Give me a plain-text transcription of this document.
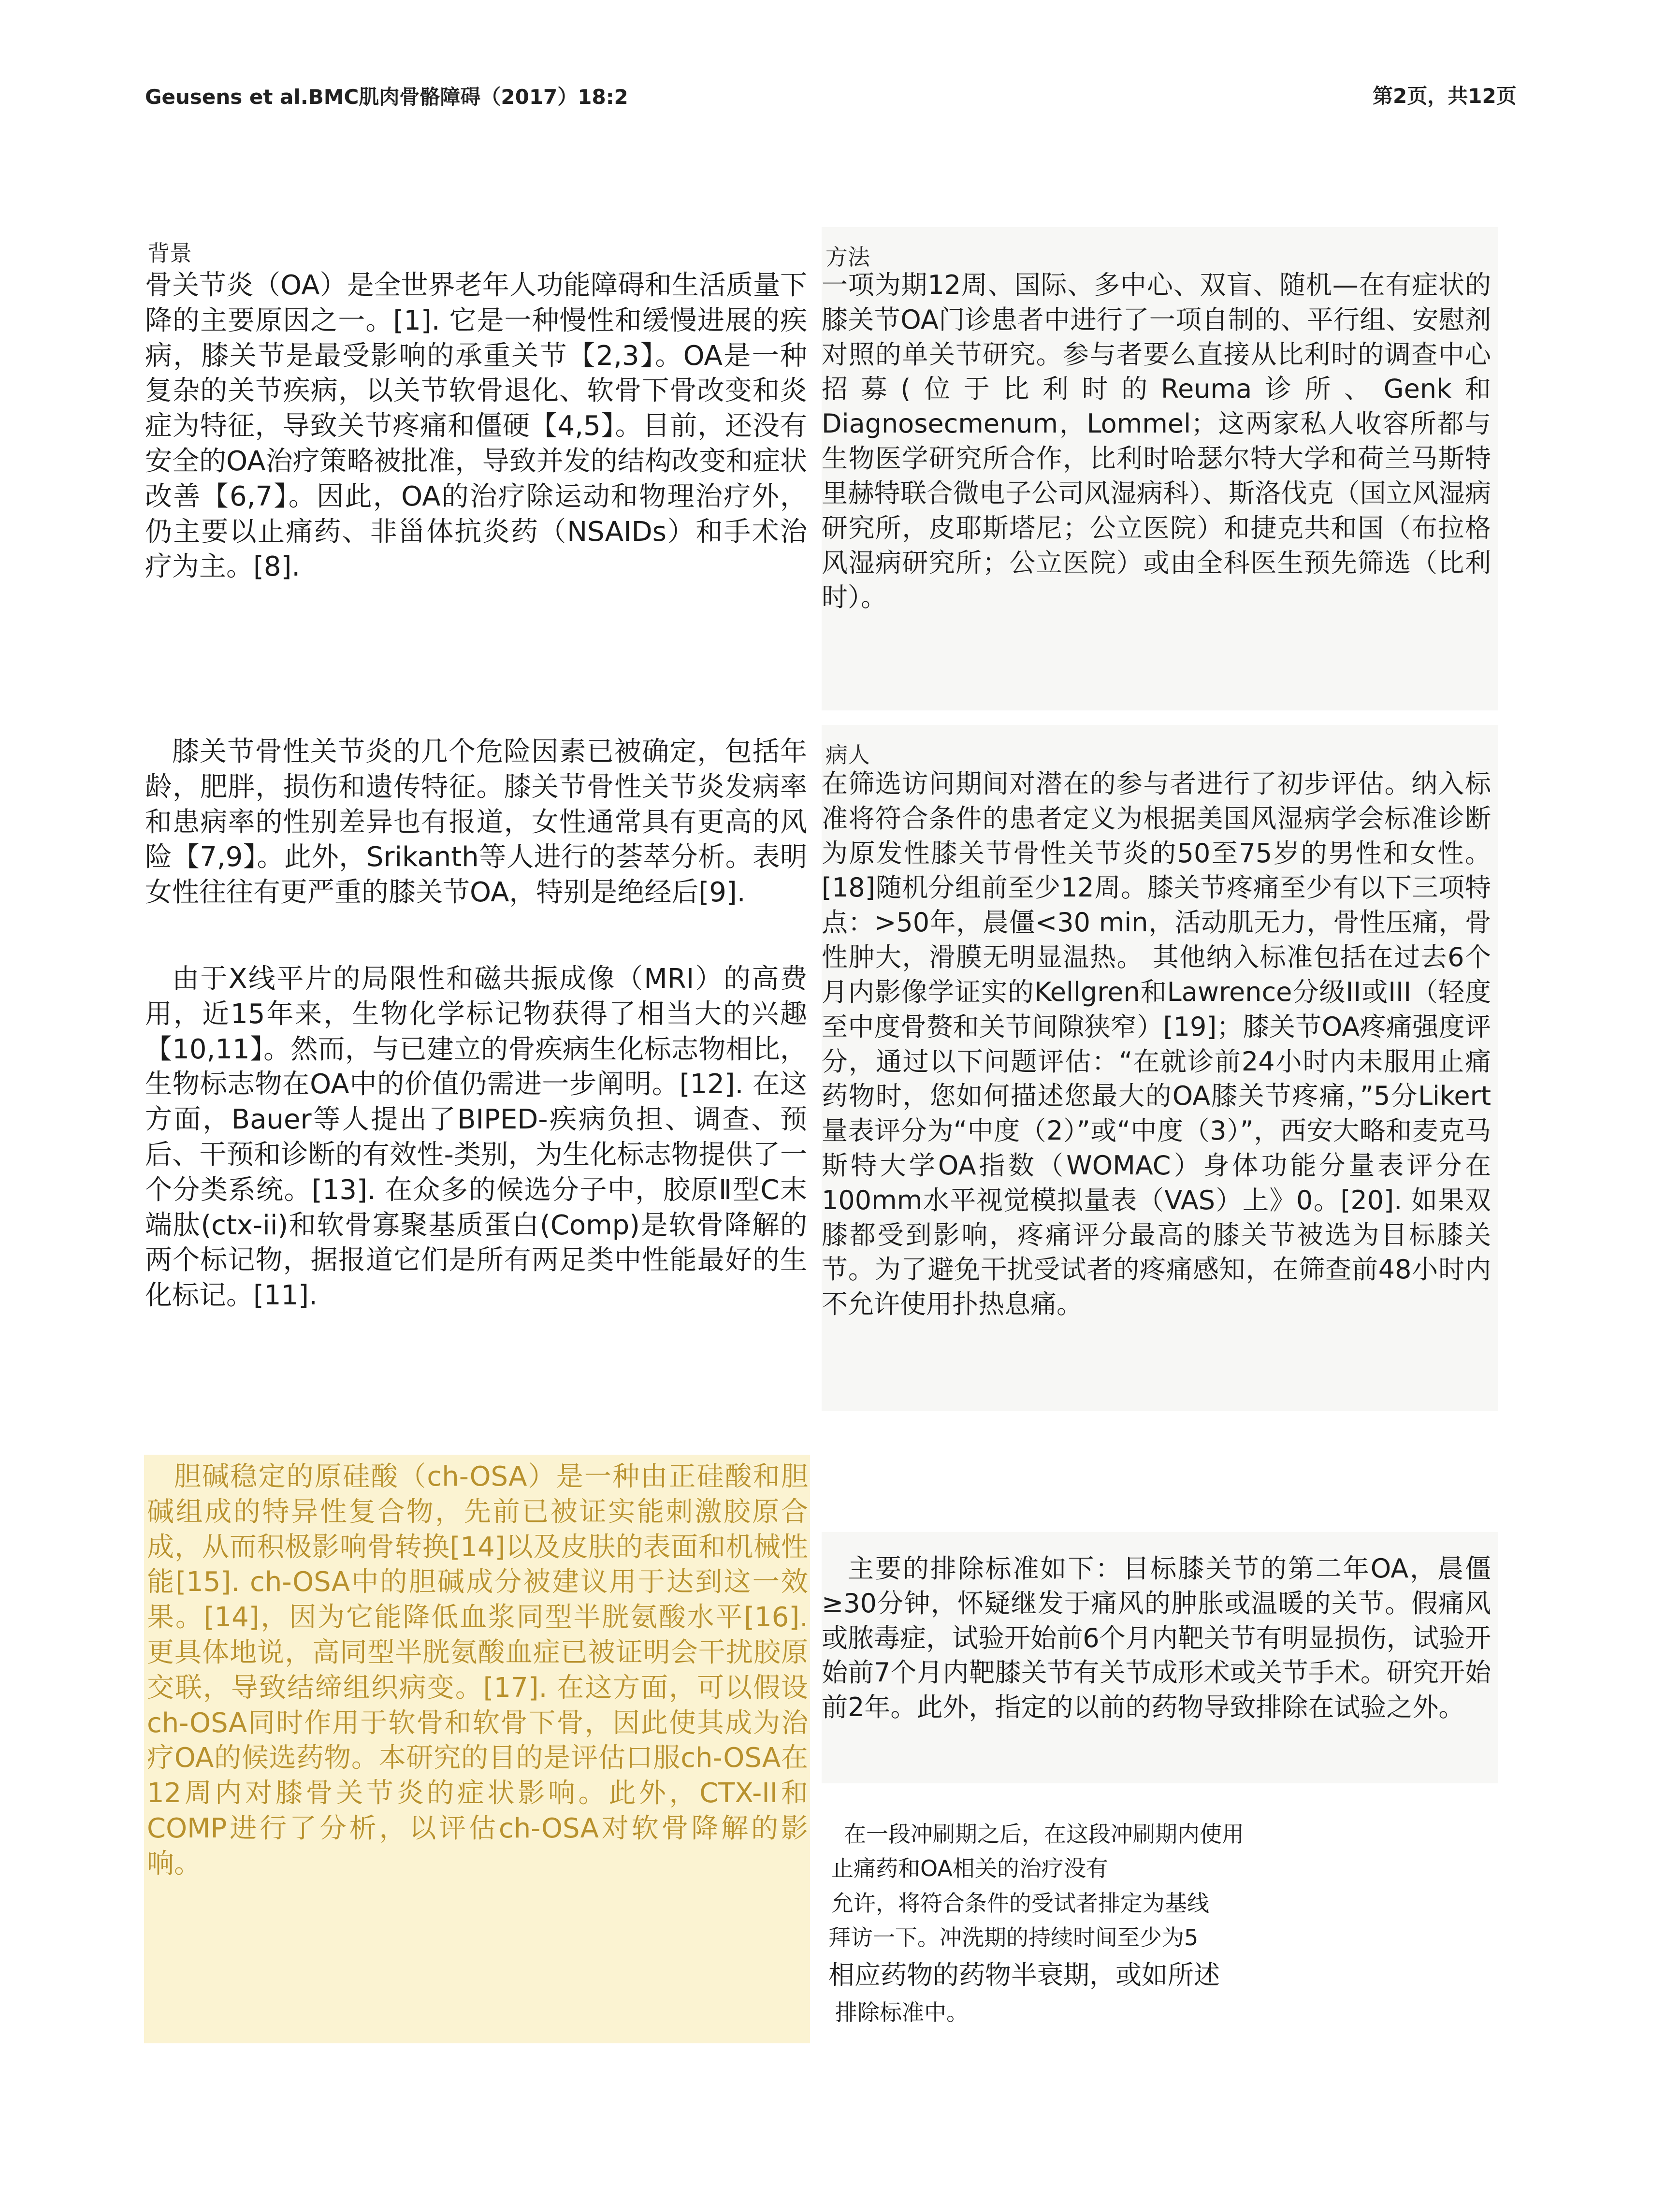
Geusens et al.BMC肌肉骨骼障碍（2017）18:2	第2页，共12页
背景
骨关节炎（OA）是全世界老年人功能障碍和生活质量下降的主要原因之一。[1]. 它是一种慢性和缓慢进展的疾病，膝关节是最受影响的承重关节【2,3】。OA是一种复杂的关节疾病，以关节软骨退化、软骨下骨改变和炎症为特征，导致关节疼痛和僵硬【4,5】。目前，还没有安全的OA治疗策略被批准，导致并发的结构改变和症状改善【6,7】。因此，OA的治疗除运动和物理治疗外，仍主要以止痛药、非甾体抗炎药（NSAIDs）和手术治疗为主。[8].
膝关节骨性关节炎的几个危险因素已被确定，包括年龄，肥胖，损伤和遗传特征。膝关节骨性关节炎发病率和患病率的性别差异也有报道，女性通常具有更高的风险【7,9】。此外，Srikanth等人进行的荟萃分析。表明女性往往有更严重的膝关节OA，特别是绝经后[9].
由于X线平片的局限性和磁共振成像（MRI）的高费用，近15年来，生物化学标记物获得了相当大的兴趣【10,11】。然而，与已建立的骨疾病生化标志物相比，生物标志物在OA中的价值仍需进一步阐明。[12]. 在这方面，Bauer等人提出了BIPED-疾病负担、调查、预后、干预和诊断的有效性-类别，为生化标志物提供了一个分类系统。[13]. 在众多的候选分子中，胶原Ⅱ型C末端肽(ctx-ii)和软骨寡聚基质蛋白(Comp)是软骨降解的两个标记物，据报道它们是所有两足类中性能最好的生化标记。[11].
胆碱稳定的原硅酸（ch-OSA）是一种由正硅酸和胆碱组成的特异性复合物，先前已被证实能刺激胶原合成，从而积极影响骨转换[14]以及皮肤的表面和机械性能[15]. ch-OSA中的胆碱成分被建议用于达到这一效果。[14]，因为它能降低血浆同型半胱氨酸水平[16]. 更具体地说，高同型半胱氨酸血症已被证明会干扰胶原交联，导致结缔组织病变。[17]. 在这方面，可以假设ch-OSA同时作用于软骨和软骨下骨，因此使其成为治疗OA的候选药物。本研究的目的是评估口服ch-OSA在12周内对膝骨关节炎的症状影响。此外，CTX-II和COMP进行了分析，以评估ch-OSA对软骨降解的影响。
方法
一项为期12周、国际、多中心、双盲、随机—在有症状的膝关节OA门诊患者中进行了一项自制的、平行组、安慰剂对照的单关节研究。参与者要么直接从比利时的调查中心招募(位于比利时的Reuma诊所、Genk和Diagnosecmenum，Lommel；这两家私人收容所都与生物医学研究所合作，比利时哈瑟尔特大学和荷兰马斯特里赫特联合微电子公司风湿病科）、斯洛伐克（国立风湿病研究所，皮耶斯塔尼；公立医院）和捷克共和国（布拉格风湿病研究所；公立医院）或由全科医生预先筛选（比利时）。
病人
在筛选访问期间对潜在的参与者进行了初步评估。纳入标准将符合条件的患者定义为根据美国风湿病学会标准诊断为原发性膝关节骨性关节炎的50至75岁的男性和女性。[18]随机分组前至少12周。膝关节疼痛至少有以下三项特点：>50年，晨僵<30 min，活动肌无力，骨性压痛，骨性肿大，滑膜无明显温热。 其他纳入标准包括在过去6个月内影像学证实的Kellgren和Lawrence分级II或III（轻度至中度骨赘和关节间隙狭窄）[19]；膝关节OA疼痛强度评分，通过以下问题评估：“在就诊前24小时内未服用止痛药物时，您如何描述您最大的OA膝关节疼痛，”5分Likert量表评分为“中度（2）”或“中度（3）”，西安大略和麦克马斯特大学OA指数（WOMAC）身体功能分量表评分在100mm水平视觉模拟量表（VAS）上》0。[20]. 如果双膝都受到影响，疼痛评分最高的膝关节被选为目标膝关节。为了避免干扰受试者的疼痛感知，在筛查前48小时内不允许使用扑热息痛。
主要的排除标准如下：目标膝关节的第二年OA，晨僵≥30分钟，怀疑继发于痛风的肿胀或温暖的关节。假痛风或脓毒症，试验开始前6个月内靶关节有明显损伤，试验开始前7个月内靶膝关节有关节成形术或关节手术。研究开始前2年。此外，指定的以前的药物导致排除在试验之外。
在一段冲刷期之后，在这段冲刷期内使用
止痛药和OA相关的治疗没有
允许，将符合条件的受试者排定为基线
拜访一下。冲洗期的持续时间至少为5
相应药物的药物半衰期，或如所述
排除标准中。
